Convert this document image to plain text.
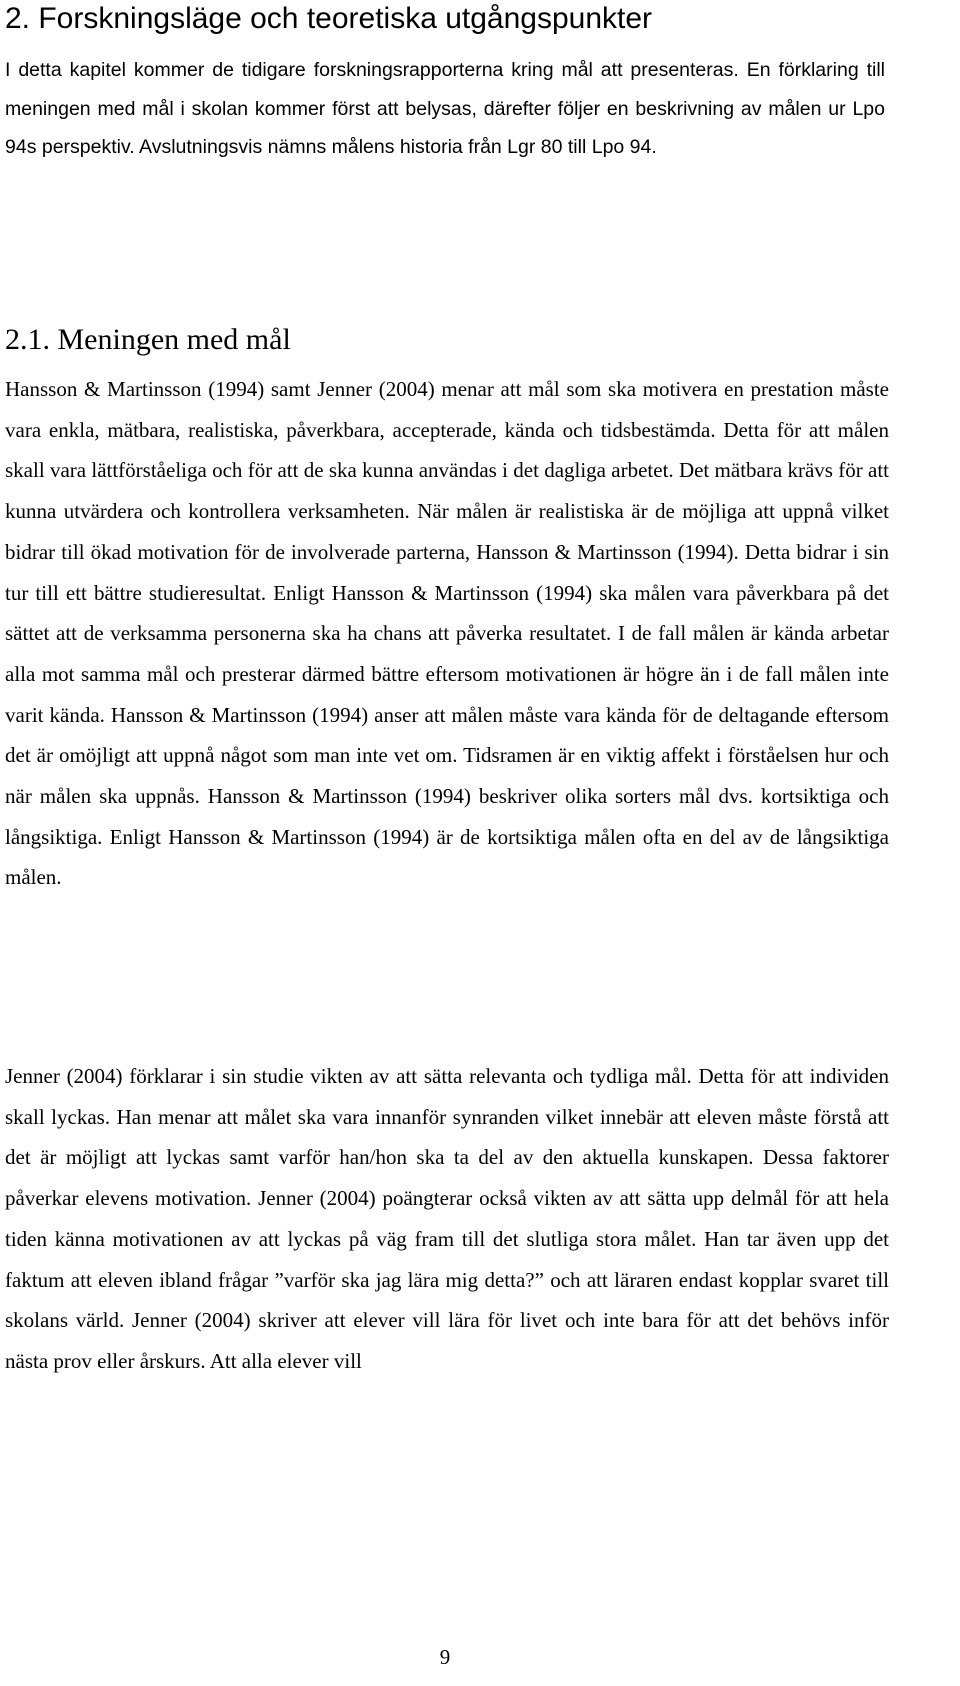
2. Forskningsläge och teoretiska utgångspunkter

I detta kapitel kommer de tidigare forskningsrapporterna kring mål att presenteras. En förklaring till meningen med mål i skolan kommer först att belysas, därefter följer en beskrivning av målen ur Lpo 94s perspektiv. Avslutningsvis nämns målens historia från Lgr 80 till Lpo 94.

2.1. Meningen med mål

Hansson & Martinsson (1994) samt Jenner (2004) menar att mål som ska motivera en prestation måste vara enkla, mätbara, realistiska, påverkbara, accepterade, kända och tidsbestämda. Detta för att målen skall vara lättförståeliga och för att de ska kunna användas i det dagliga arbetet. Det mätbara krävs för att kunna utvärdera och kontrollera verksamheten. När målen är realistiska är de möjliga att uppnå vilket bidrar till ökad motivation för de involverade parterna, Hansson & Martinsson (1994). Detta bidrar i sin tur till ett bättre studieresultat. Enligt Hansson & Martinsson (1994) ska målen vara påverkbara på det sättet att de verksamma personerna ska ha chans att påverka resultatet. I de fall målen är kända arbetar alla mot samma mål och presterar därmed bättre eftersom motivationen är högre än i de fall målen inte varit kända. Hansson & Martinsson (1994) anser att målen måste vara kända för de deltagande eftersom det är omöjligt att uppnå något som man inte vet om. Tidsramen är en viktig affekt i förståelsen hur och när målen ska uppnås. Hansson & Martinsson (1994) beskriver olika sorters mål dvs. kortsiktiga och långsiktiga. Enligt Hansson & Martinsson (1994) är de kortsiktiga målen ofta en del av de långsiktiga målen.

Jenner (2004) förklarar i sin studie vikten av att sätta relevanta och tydliga mål. Detta för att individen skall lyckas. Han menar att målet ska vara innanför synranden vilket innebär att eleven måste förstå att det är möjligt att lyckas samt varför han/hon ska ta del av den aktuella kunskapen. Dessa faktorer påverkar elevens motivation. Jenner (2004) poängterar också vikten av att sätta upp delmål för att hela tiden känna motivationen av att lyckas på väg fram till det slutliga stora målet. Han tar även upp det faktum att eleven ibland frågar ”varför ska jag lära mig detta?” och att läraren endast kopplar svaret till skolans värld. Jenner (2004) skriver att elever vill lära för livet och inte bara för att det behövs inför nästa prov eller årskurs. Att alla elever vill

9
